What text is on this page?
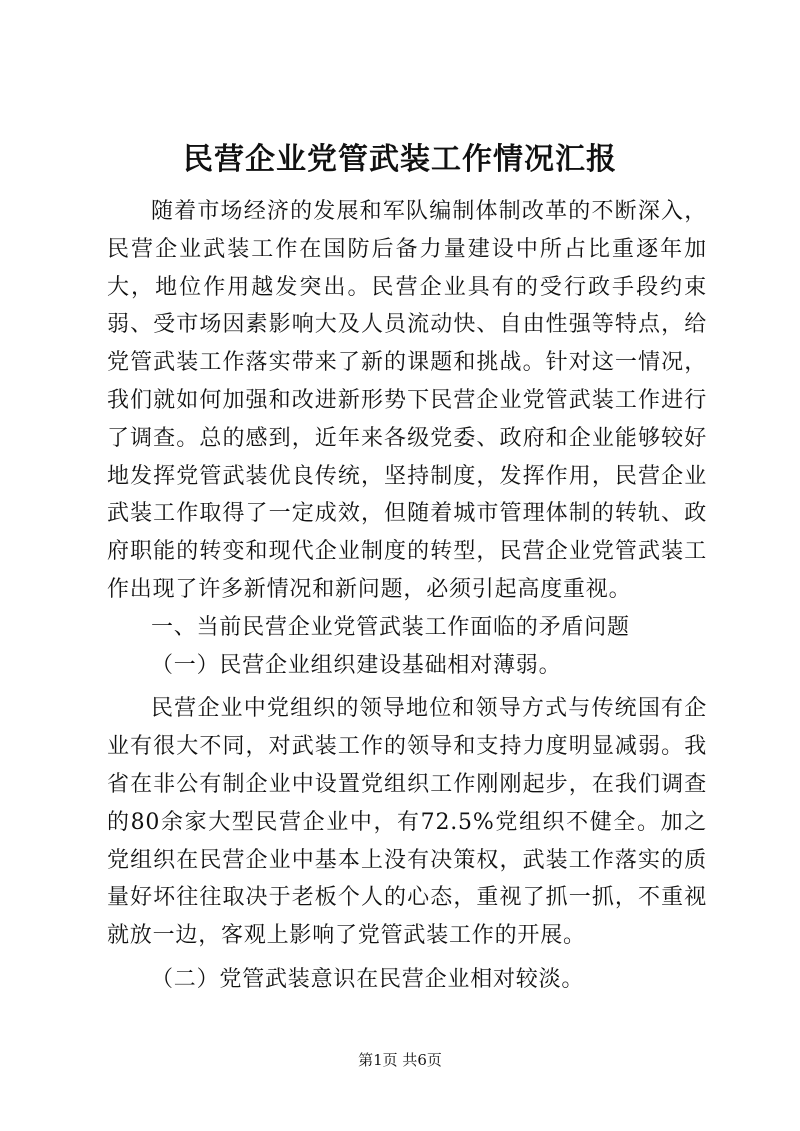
民营企业党管武装工作情况汇报

随着市场经济的发展和军队编制体制改革的不断深入，民营企业武装工作在国防后备力量建设中所占比重逐年加大，地位作用越发突出。民营企业具有的受行政手段约束弱、受市场因素影响大及人员流动快、自由性强等特点，给党管武装工作落实带来了新的课题和挑战。针对这一情况，我们就如何加强和改进新形势下民营企业党管武装工作进行了调查。总的感到，近年来各级党委、政府和企业能够较好地发挥党管武装优良传统，坚持制度，发挥作用，民营企业武装工作取得了一定成效，但随着城市管理体制的转轨、政府职能的转变和现代企业制度的转型，民营企业党管武装工作出现了许多新情况和新问题，必须引起高度重视。

一、当前民营企业党管武装工作面临的矛盾问题

（一）民营企业组织建设基础相对薄弱。

民营企业中党组织的领导地位和领导方式与传统国有企业有很大不同，对武装工作的领导和支持力度明显减弱。我省在非公有制企业中设置党组织工作刚刚起步，在我们调查的80余家大型民营企业中，有72.5%党组织不健全。加之党组织在民营企业中基本上没有决策权，武装工作落实的质量好坏往往取决于老板个人的心态，重视了抓一抓，不重视就放一边，客观上影响了党管武装工作的开展。

（二）党管武装意识在民营企业相对较淡。

第1页 共6页
